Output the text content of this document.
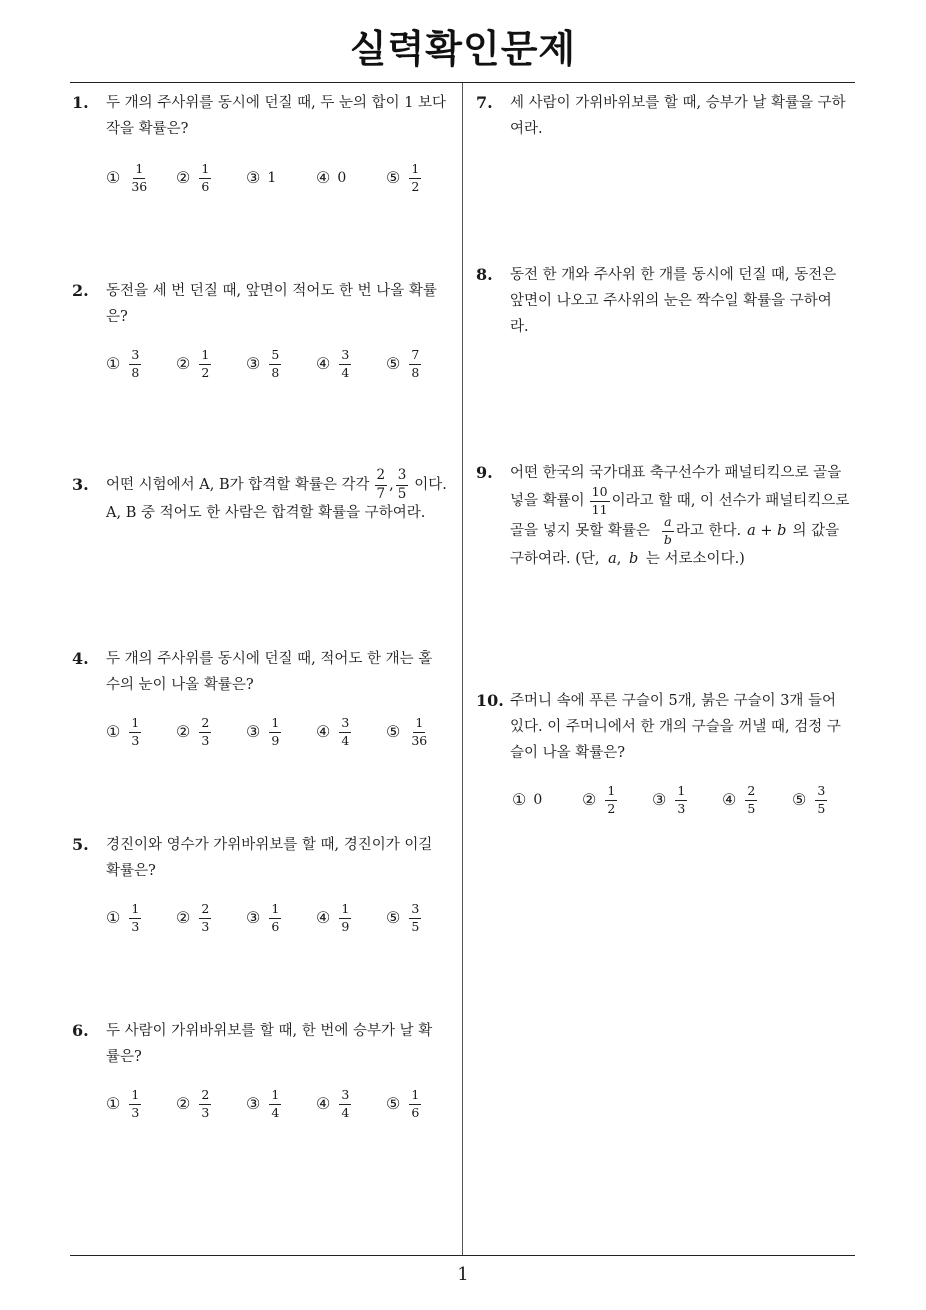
실력확인문제
1. 두 개의 주사위를 동시에 던질 때, 두 눈의 합이 1 보다
작을 확률은?
① $\frac{1}{36}$ ② $\frac{1}{6}$ ③ 1 ④ 0 ⑤ $\frac{1}{2}$
2. 동전을 세 번 던질 때, 앞면이 적어도 한 번 나올 확률
은?
① $\frac{3}{8}$ ② $\frac{1}{2}$ ③ $\frac{5}{8}$ ④ $\frac{3}{4}$ ⑤ $\frac{7}{8}$
3. 어떤 시험에서 A, B가 합격할 확률은 각각 $\frac{2}{7}$ , $\frac{3}{5}$ 이다.
A, B 중 적어도 한 사람은 합격할 확률을 구하여라.
4. 두 개의 주사위를 동시에 던질 때, 적어도 한 개는 홀
수의 눈이 나올 확률은?
① $\frac{1}{3}$ ② $\frac{2}{3}$ ③ $\frac{1}{9}$ ④ $\frac{3}{4}$ ⑤ $\frac{1}{36}$
5. 경진이와 영수가 가위바위보를 할 때, 경진이가 이길
확률은?
① $\frac{1}{3}$ ② $\frac{2}{3}$ ③ $\frac{1}{6}$ ④ $\frac{1}{9}$ ⑤ $\frac{3}{5}$
6. 두 사람이 가위바위보를 할 때, 한 번에 승부가 날 확
률은?
① $\frac{1}{3}$ ② $\frac{2}{3}$ ③ $\frac{1}{4}$ ④ $\frac{3}{4}$ ⑤ $\frac{1}{6}$
7. 세 사람이 가위바위보를 할 때, 승부가 날 확률을 구하
여라.
8. 동전 한 개와 주사위 한 개를 동시에 던질 때, 동전은
앞면이 나오고 주사위의 눈은 짝수일 확률을 구하여
라.
9. 어떤 한국의 국가대표 축구선수가 패널티킥으로 골을
넣을 확률이 $\frac{10}{11}$ 이라고 할 때, 이 선수가 패널티킥으로
골을 넣지 못할 확률은 $\frac{a}{b}$ 라고 한다. a + b 의 값을
구하여라. (단, a, b 는 서로소이다.)
10. 주머니 속에 푸른 구슬이 5개, 붉은 구슬이 3개 들어
있다. 이 주머니에서 한 개의 구슬을 꺼낼 때, 검정 구
슬이 나올 확률은?
① 0 ② $\frac{1}{2}$ ③ $\frac{1}{3}$ ④ $\frac{2}{5}$ ⑤ $\frac{3}{5}$
1
